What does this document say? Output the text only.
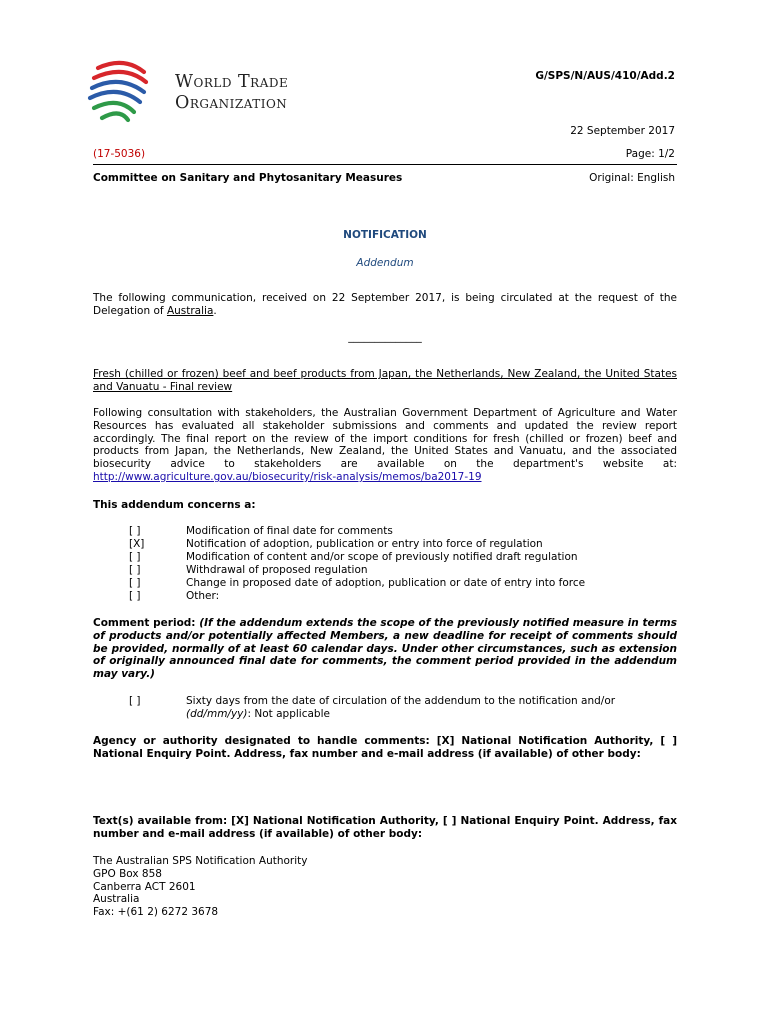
World Trade
Organization
G/SPS/N/AUS/410/Add.2
22 September 2017
(17-5036)	Page: 1/2
Committee on Sanitary and Phytosanitary Measures	Original: English
NOTIFICATION
Addendum
The following communication, received on 22 September 2017, is being circulated at the request of the Delegation of Australia.
______________
Fresh (chilled or frozen) beef and beef products from Japan, the Netherlands, New Zealand, the United States and Vanuatu - Final review
Following consultation with stakeholders, the Australian Government Department of Agriculture and Water Resources has evaluated all stakeholder submissions and comments and updated the review report accordingly. The final report on the review of the import conditions for fresh (chilled or frozen) beef and products from Japan, the Netherlands, New Zealand, the United States and Vanuatu, and the associated biosecurity advice to stakeholders are available on the department's website at: http://www.agriculture.gov.au/biosecurity/risk-analysis/memos/ba2017-19
This addendum concerns a:
[ ]	Modification of final date for comments
[X]	Notification of adoption, publication or entry into force of regulation
[ ]	Modification of content and/or scope of previously notified draft regulation
[ ]	Withdrawal of proposed regulation
[ ]	Change in proposed date of adoption, publication or date of entry into force
[ ]	Other:
Comment period: (If the addendum extends the scope of the previously notified measure in terms of products and/or potentially affected Members, a new deadline for receipt of comments should be provided, normally of at least 60 calendar days. Under other circumstances, such as extension of originally announced final date for comments, the comment period provided in the addendum may vary.)
[ ]	Sixty days from the date of circulation of the addendum to the notification and/or
(dd/mm/yy): Not applicable
Agency or authority designated to handle comments: [X] National Notification Authority, [ ] National Enquiry Point. Address, fax number and e-mail address (if available) of other body:
Text(s) available from: [X] National Notification Authority, [ ] National Enquiry Point. Address, fax number and e-mail address (if available) of other body:
The Australian SPS Notification Authority
GPO Box 858
Canberra ACT 2601
Australia
Fax: +(61 2) 6272 3678
